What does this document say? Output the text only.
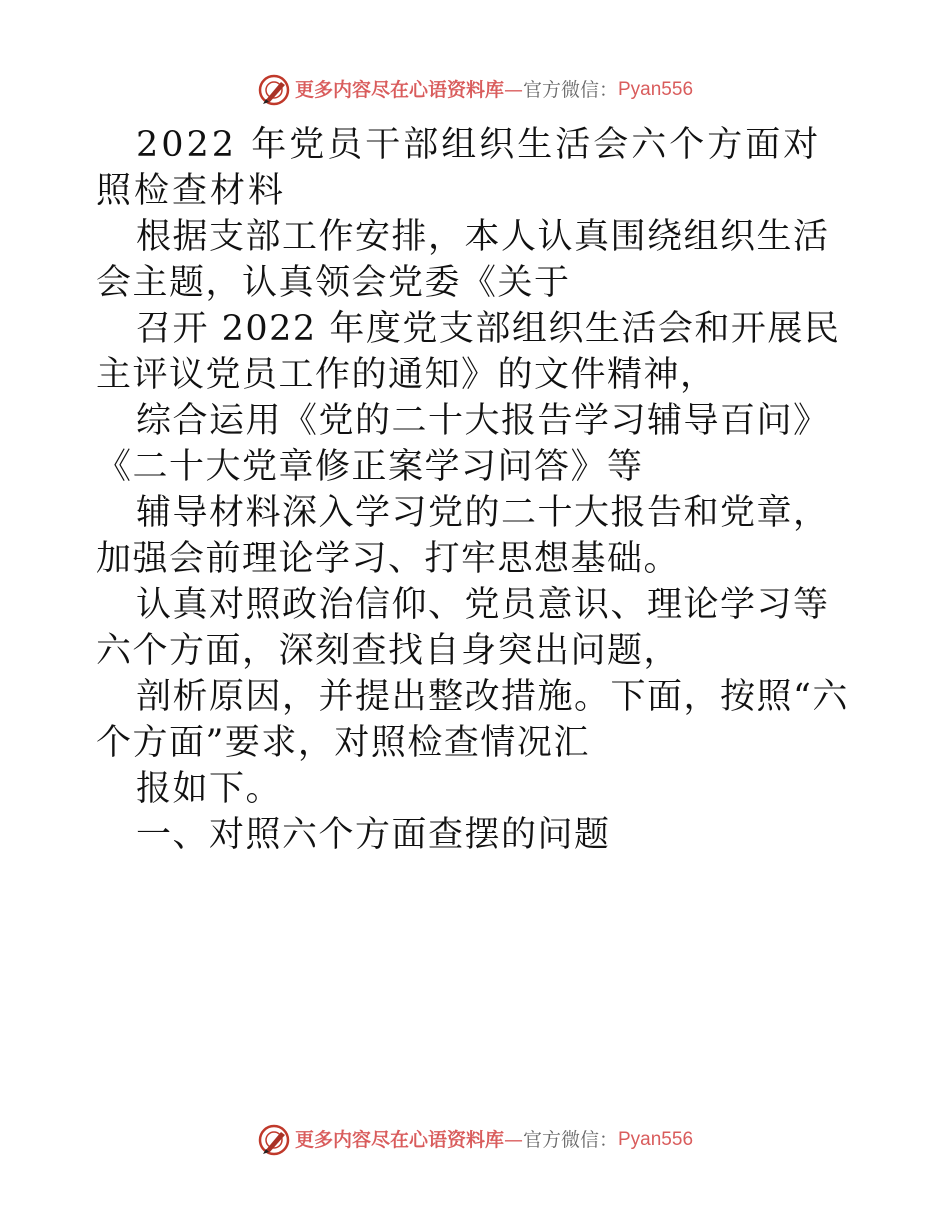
更多内容尽在心语资料库 — 官方微信： Pyan556

2022 年党员干部组织生活会六个方面对照检查材料

根据支部工作安排，本人认真围绕组织生活会主题，认真领会党委《关于

召开 2022 年度党支部组织生活会和开展民主评议党员工作的通知》的文件精神，

综合运用《党的二十大报告学习辅导百问》《二十大党章修正案学习问答》等

辅导材料深入学习党的二十大报告和党章，加强会前理论学习、打牢思想基础。

认真对照政治信仰、党员意识、理论学习等六个方面，深刻查找自身突出问题，

剖析原因，并提出整改措施。下面，按照“六个方面”要求，对照检查情况汇

报如下。

一、对照六个方面查摆的问题

更多内容尽在心语资料库 — 官方微信： Pyan556
